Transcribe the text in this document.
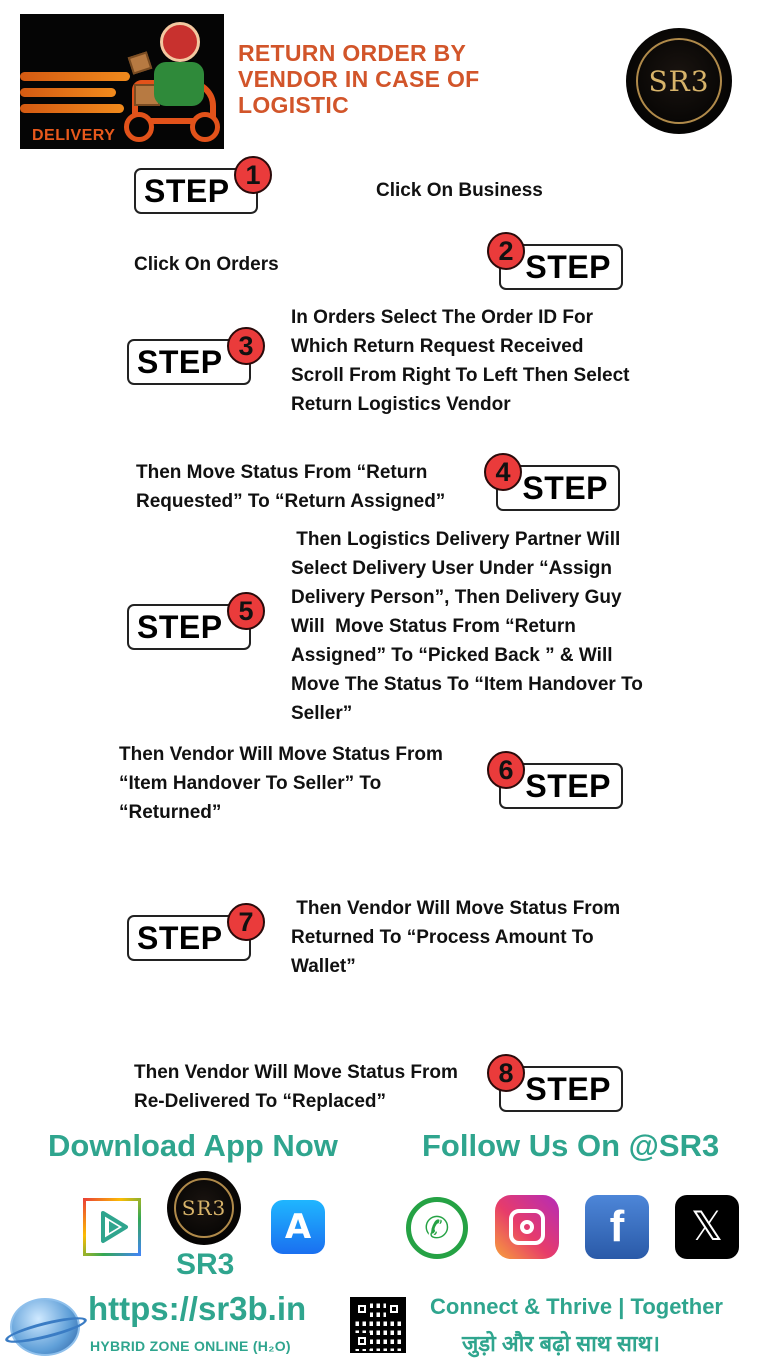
DELIVERY
RETURN ORDER BY VENDOR IN CASE OF LOGISTIC
SR3
STEP 1
Click On Business
Click On Orders	STEP
2
STEP 3
In Orders Select The Order ID For Which Return Request Received Scroll From Right To Left Then Select Return Logistics Vendor
Then Move Status From “Return Requested” To “Return Assigned”	STEP
4
STEP 5
Then Logistics Delivery Partner Will Select Delivery User Under “Assign Delivery Person”, Then Delivery Guy Will  Move Status From “Return Assigned” To “Picked Back ” & Will Move The Status To “Item Handover To Seller”
Then Vendor Will Move Status From “Item Handover To Seller” To “Returned”
STEP
6
STEP 7	Then Vendor Will Move Status From Returned To “Process Amount To Wallet”
Then Vendor Will Move Status From Re-Delivered To “Replaced”	STEP
8
Download App Now	Follow Us On @SR3
SR3 A	✆	f 𝕏
SR3
https://sr3b.in
HYBRID ZONE ONLINE (H₂O)
Connect & Thrive | Together
जुड़ो और बढ़ो साथ साथ।
